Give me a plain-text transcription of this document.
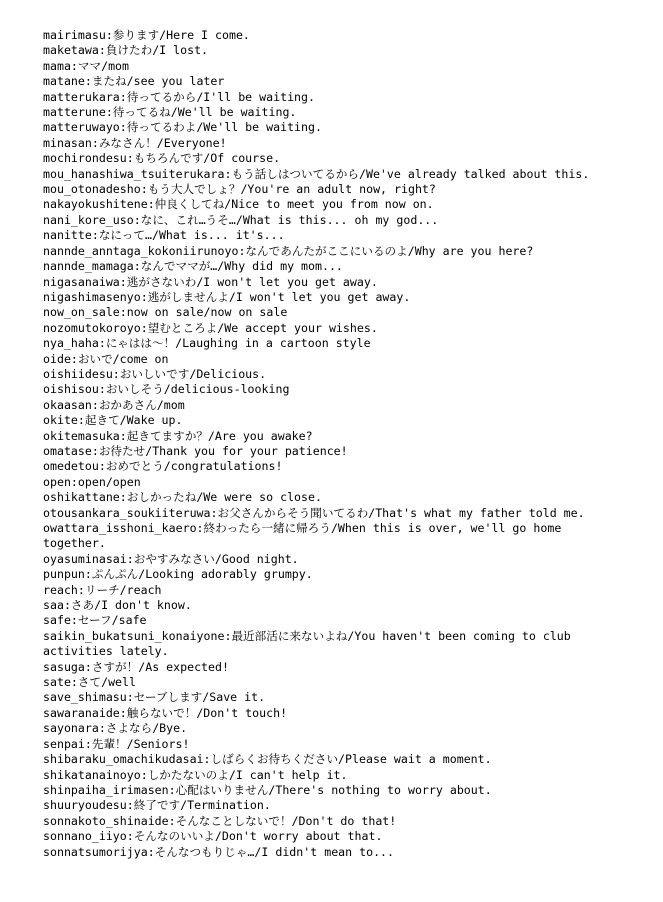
mairimasu:参ります/Here I come.
maketawa:負けたわ/I lost.
mama:ママ/mom
matane:またね/see you later
matterukara:待ってるから/I'll be waiting.
matterune:待ってるね/We'll be waiting.
matteruwayo:待ってるわよ/We'll be waiting.
minasan:みなさん！/Everyone!
mochirondesu:もちろんです/Of course.
mou_hanashiwa_tsuiterukara:もう話しはついてるから/We've already talked about this.
mou_otonadesho:もう大人でしょ？/You're an adult now, right?
nakayokushitene:仲良くしてね/Nice to meet you from now on.
nani_kore_uso:なに、これ…うそ…/What is this... oh my god...
nanitte:なにって…/What is... it's...
nannde_anntaga_kokoniirunoyo:なんであんたがここにいるのよ/Why are you here?
nannde_mamaga:なんでママが…/Why did my mom...
nigasanaiwa:逃がさないわ/I won't let you get away.
nigashimasenyo:逃がしませんよ/I won't let you get away.
now_on_sale:now on sale/now on sale
nozomutokoroyo:望むところよ/We accept your wishes.
nya_haha:にゃはは～！/Laughing in a cartoon style
oide:おいで/come on
oishiidesu:おいしいです/Delicious.
oishisou:おいしそう/delicious-looking
okaasan:おかあさん/mom
okite:起きて/Wake up.
okitemasuka:起きてますか？/Are you awake?
omatase:お待たせ/Thank you for your patience!
omedetou:おめでとう/congratulations!
open:open/open
oshikattane:おしかったね/We were so close.
otousankara_soukiiteruwa:お父さんからそう聞いてるわ/That's what my father told me.
owattara_isshoni_kaero:終わったら一緒に帰ろう/When this is over, we'll go home together.
oyasuminasai:おやすみなさい/Good night.
punpun:ぷんぷん/Looking adorably grumpy.
reach:リーチ/reach
saa:さあ/I don't know.
safe:セーフ/safe
saikin_bukatsuni_konaiyone:最近部活に来ないよね/You haven't been coming to club activities lately.
sasuga:さすが！/As expected!
sate:さて/well
save_shimasu:セーブします/Save it.
sawaranaide:触らないで！/Don't touch!
sayonara:さよなら/Bye.
senpai:先輩！/Seniors!
shibaraku_omachikudasai:しばらくお待ちください/Please wait a moment.
shikatanainoyo:しかたないのよ/I can't help it.
shinpaiha_irimasen:心配はいりません/There's nothing to worry about.
shuuryoudesu:終了です/Termination.
sonnakoto_shinaide:そんなことしないで！/Don't do that!
sonnano_iiyo:そんなのいいよ/Don't worry about that.
sonnatsumorijya:そんなつもりじゃ…/I didn't mean to...
